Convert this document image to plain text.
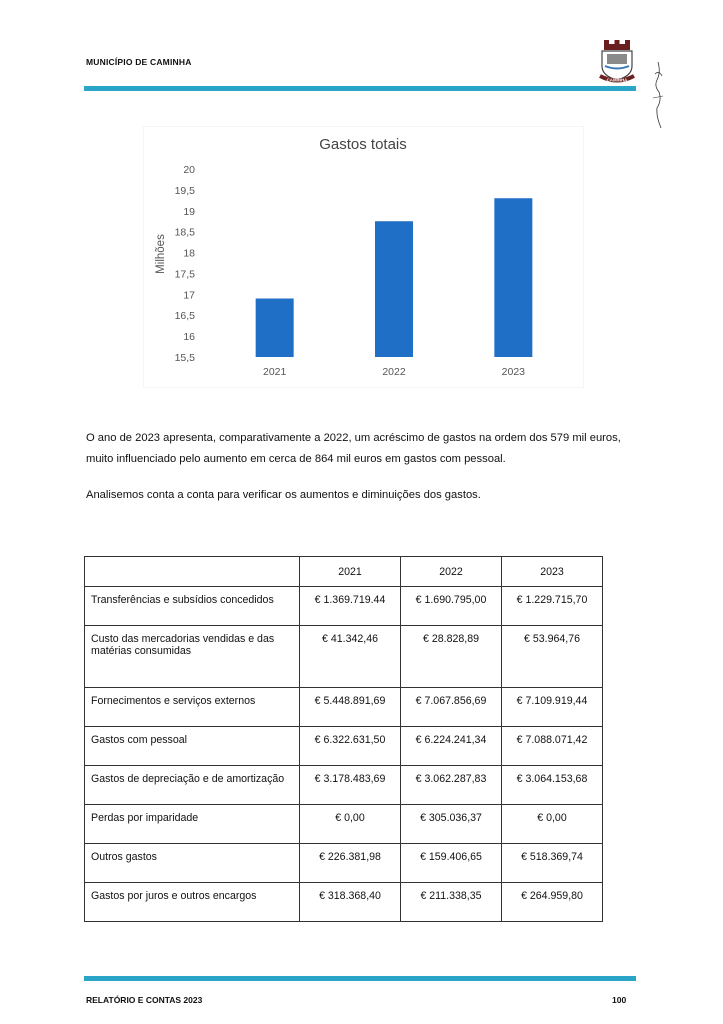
MUNICÍPIO DE CAMINHA
CAMINHA
Gastos totais
Milhões
15,5
16
16,5
17
17,5
18
18,5
19
19,5
20
2021	2022	2023

O ano de 2023 apresenta, comparativamente a 2022, um acréscimo de gastos na ordem dos 579 mil euros, muito influenciado pelo aumento em cerca de 864 mil euros em gastos com pessoal.

Analisemos conta a conta para verificar os aumentos e diminuições dos gastos.

	2021	2022	2023
Transferências e subsídios concedidos	€ 1.369.719.44	€ 1.690.795,00	€ 1.229.715,70
Custo das mercadorias vendidas e das matérias consumidas	€ 41.342,46	€ 28.828,89	€ 53.964,76
Fornecimentos e serviços externos	€ 5.448.891,69	€ 7.067.856,69	€ 7.109.919,44
Gastos com pessoal	€ 6.322.631,50	€ 6.224.241,34	€ 7.088.071,42
Gastos de depreciação e de amortização	€ 3.178.483,69	€ 3.062.287,83	€ 3.064.153,68
Perdas por imparidade	€ 0,00	€ 305.036,37	€ 0,00
Outros gastos	€ 226.381,98	€ 159.406,65	€ 518.369,74
Gastos por juros e outros encargos	€ 318.368,40	€ 211.338,35	€ 264.959,80
RELATÓRIO E CONTAS 2023	100
